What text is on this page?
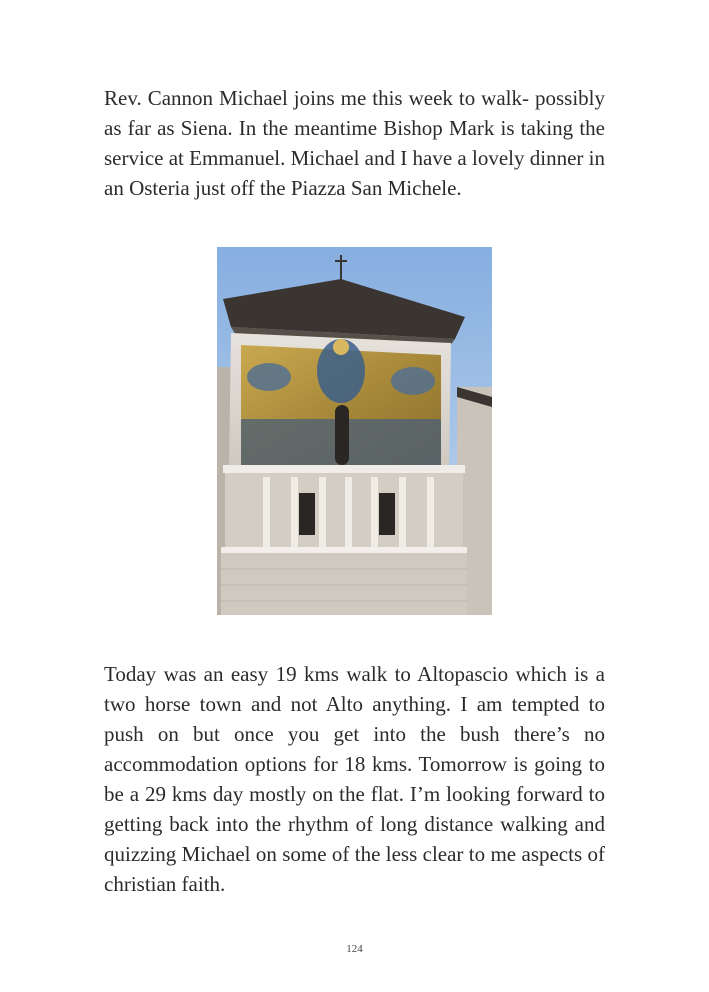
Rev. Cannon Michael joins me this week to walk- possibly as far as Siena. In the meantime Bishop Mark is taking the service at Emmanuel. Michael and I have a lovely dinner in an Osteria just off the Piazza San Michele.

Today was an easy 19 kms walk to Altopascio which is a two horse town and not Alto anything. I am tempted to push on but once you get into the bush there’s no accommodation options for 18 kms. Tomorrow is going to be a 29 kms day mostly on the flat. I’m looking forward to getting back into the rhythm of long distance walking and quizzing Michael on some of the less clear to me aspects of christian faith.

124
